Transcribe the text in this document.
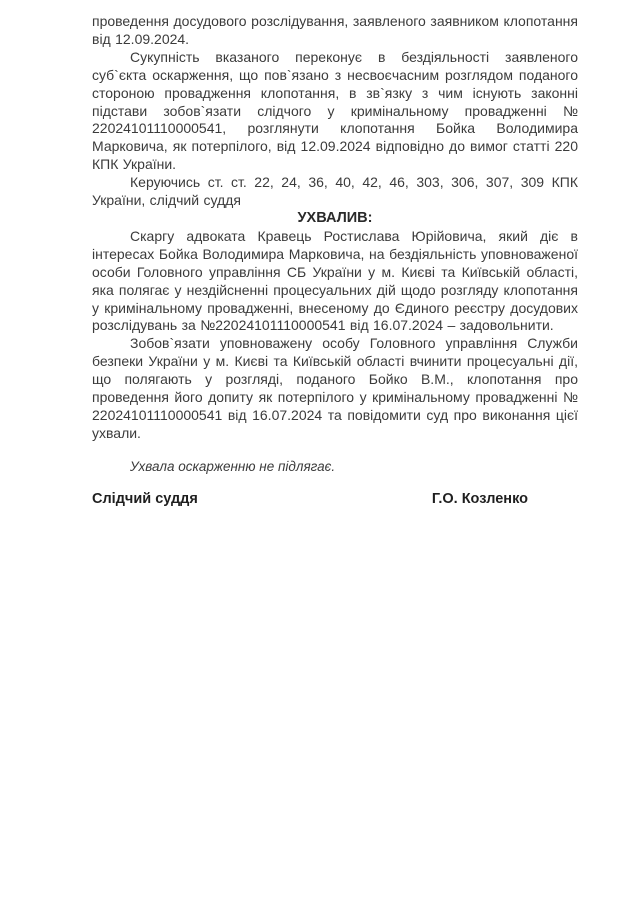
проведення досудового розслідування, заявленого заявником клопотання від 12.09.2024.

Сукупність вказаного переконує в бездіяльності заявленого суб`єкта оскарження, що пов`язано з несвоєчасним розглядом поданого стороною провадження клопотання, в зв`язку з чим існують законні підстави зобов`язати слідчого у кримінальному провадженні № 22024101110000541, розглянути клопотання Бойка Володимира Марковича, як потерпілого, від 12.09.2024 відповідно до вимог статті 220 КПК України.

Керуючись ст. ст. 22, 24, 36, 40, 42, 46, 303, 306, 307, 309 КПК України, слідчий суддя

УХВАЛИВ:

Скаргу адвоката Кравець Ростислава Юрійовича, який діє в інтересах Бойка Володимира Марковича, на бездіяльність уповноваженої особи Головного управління СБ України у м. Києві та Київській області, яка полягає у нездійсненні процесуальних дій щодо розгляду клопотання у кримінальному провадженні, внесеному до Єдиного реєстру досудових розслідувань за №22024101110000541 від 16.07.2024 – задовольнити.

Зобов`язати уповноважену особу Головного управління Служби безпеки України у м. Києві та Київській області вчинити процесуальні дії, що полягають у розгляді, поданого Бойко В.М., клопотання про проведення його допиту як потерпілого у кримінальному провадженні № 22024101110000541 від 16.07.2024 та повідомити суд про виконання цієї ухвали.

Ухвала оскарженню не підлягає.

Слідчий суддя	Г.О. Козленко
